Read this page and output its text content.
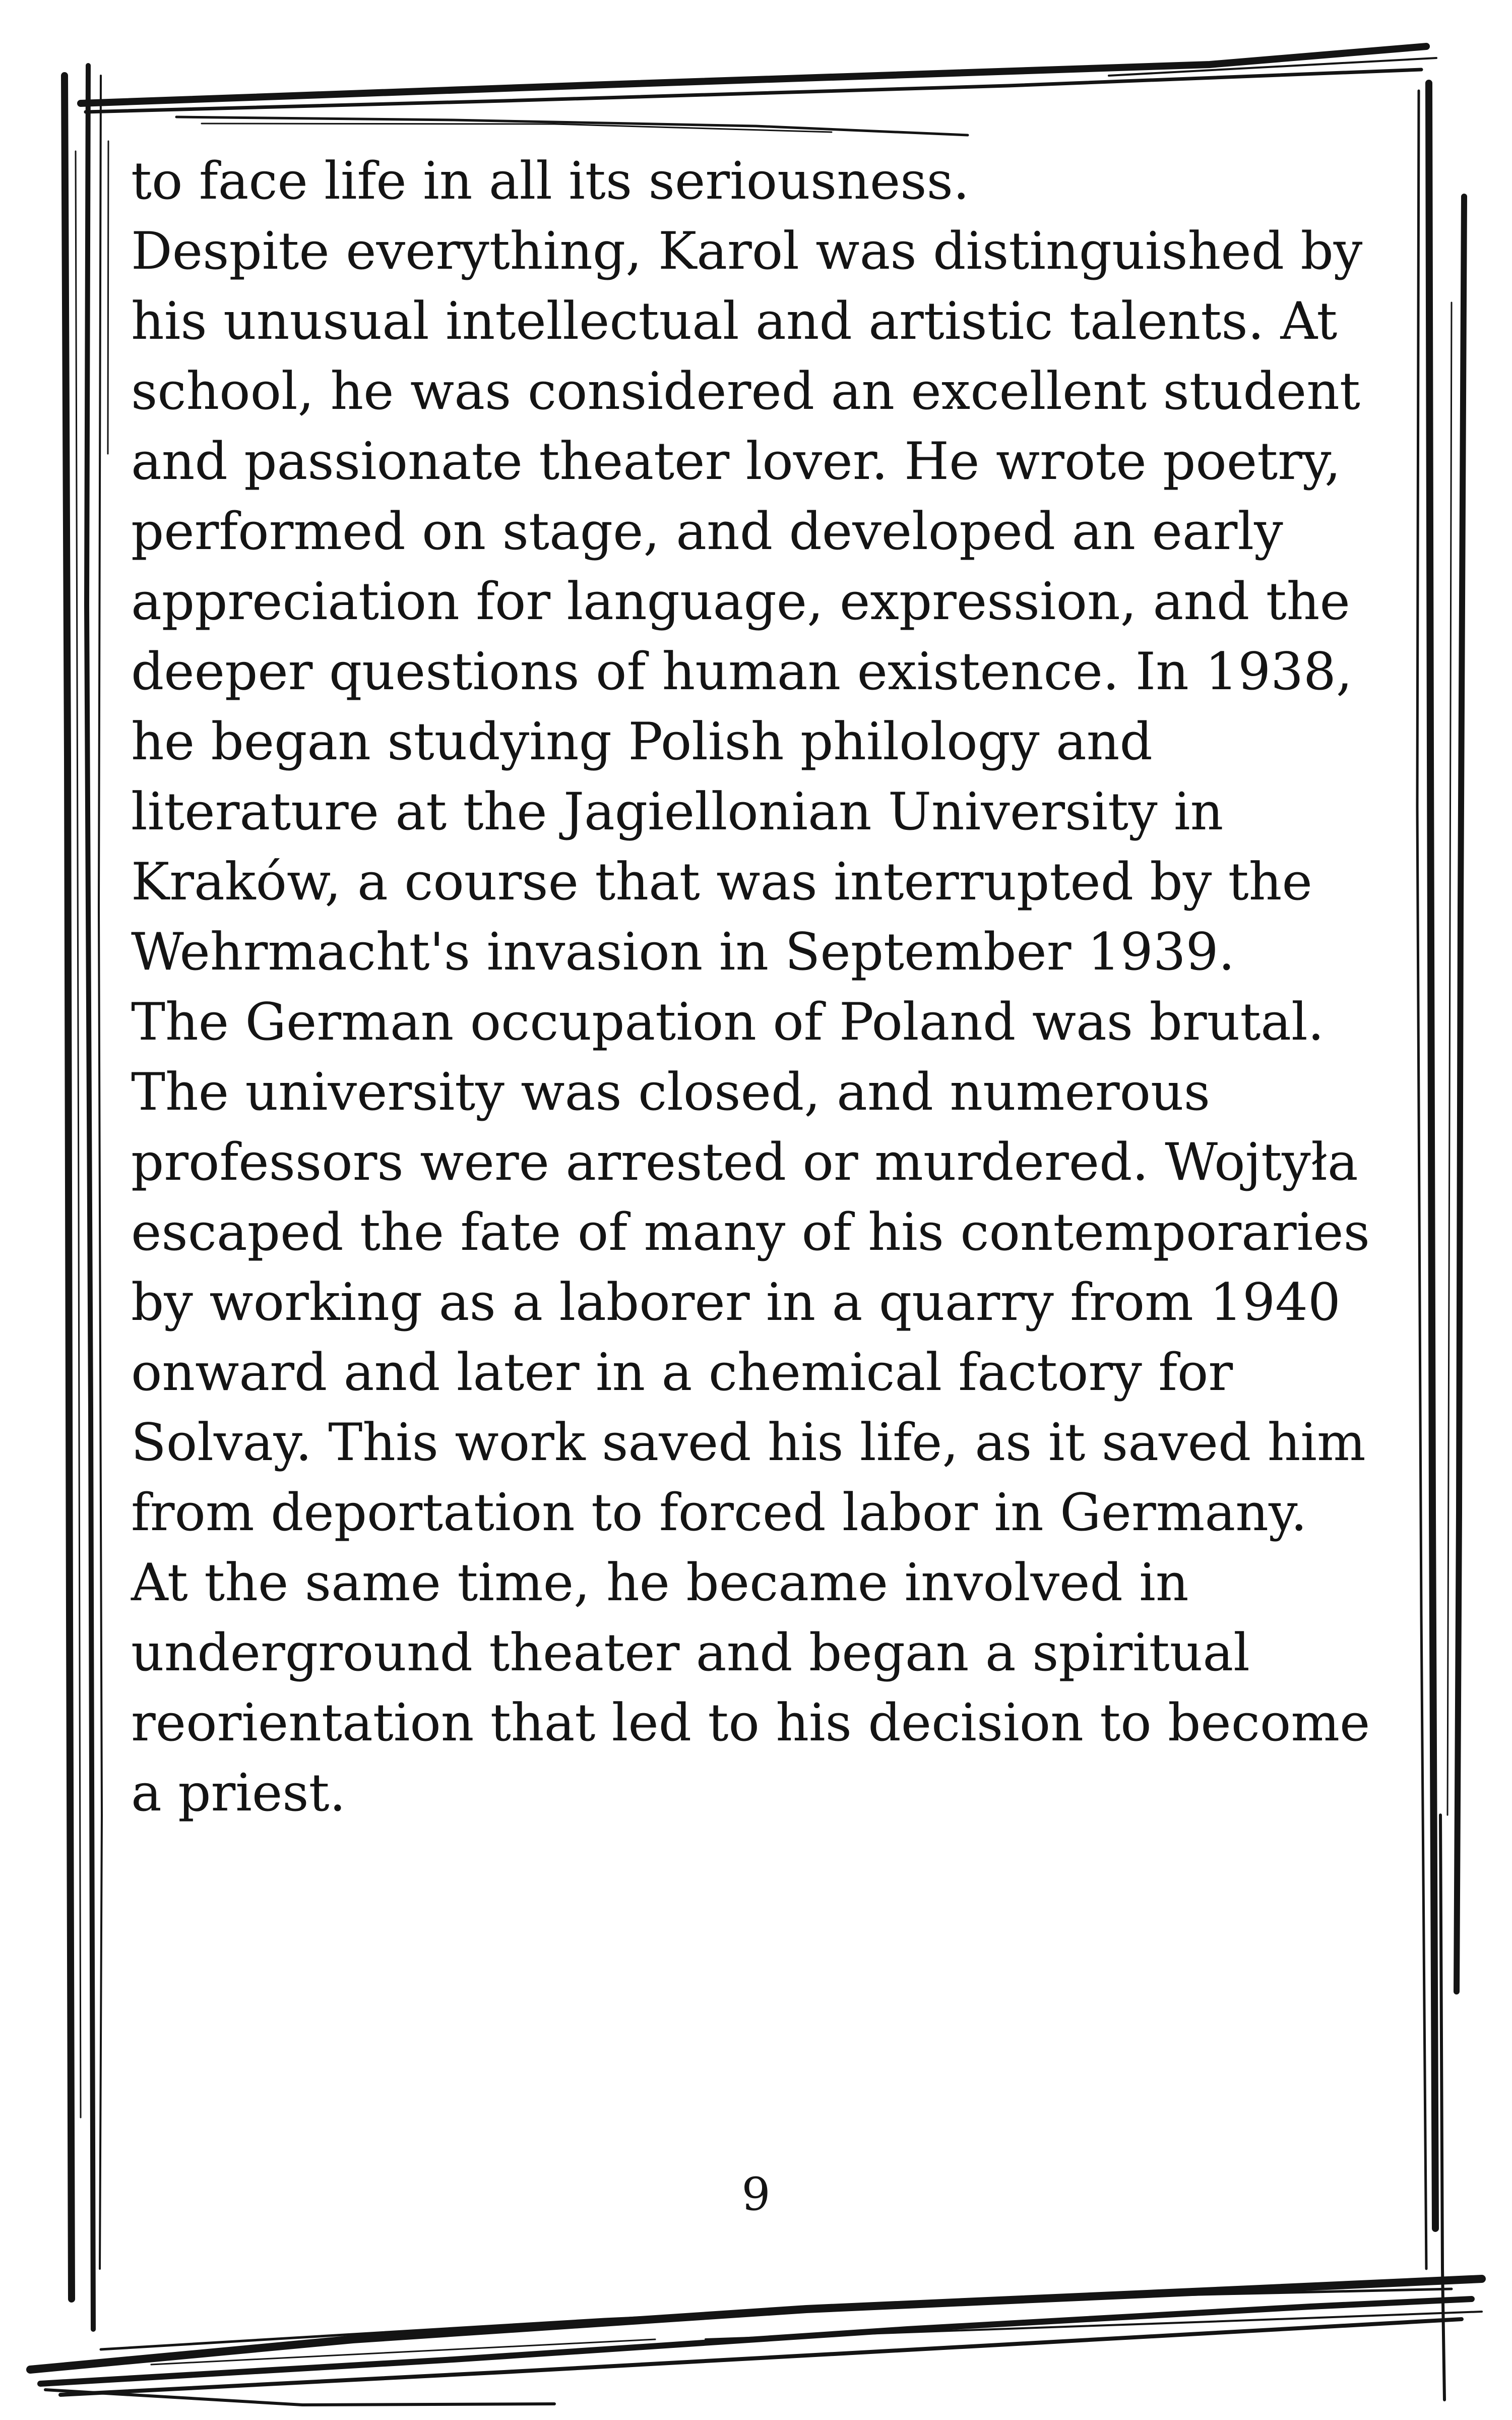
to face life in all its seriousness.

Despite everything, Karol was distinguished by
his unusual intellectual and artistic talents. At
school, he was considered an excellent student
and passionate theater lover. He wrote poetry,
performed on stage, and developed an early
appreciation for language, expression, and the
deeper questions of human existence. In 1938,
he began studying Polish philology and
literature at the Jagiellonian University in
Kraków, a course that was interrupted by the
Wehrmacht's invasion in September 1939.

The German occupation of Poland was brutal.
The university was closed, and numerous
professors were arrested or murdered. Wojtyła
escaped the fate of many of his contemporaries
by working as a laborer in a quarry from 1940
onward and later in a chemical factory for
Solvay. This work saved his life, as it saved him
from deportation to forced labor in Germany.
At the same time, he became involved in
underground theater and began a spiritual
reorientation that led to his decision to become
a priest.

9
